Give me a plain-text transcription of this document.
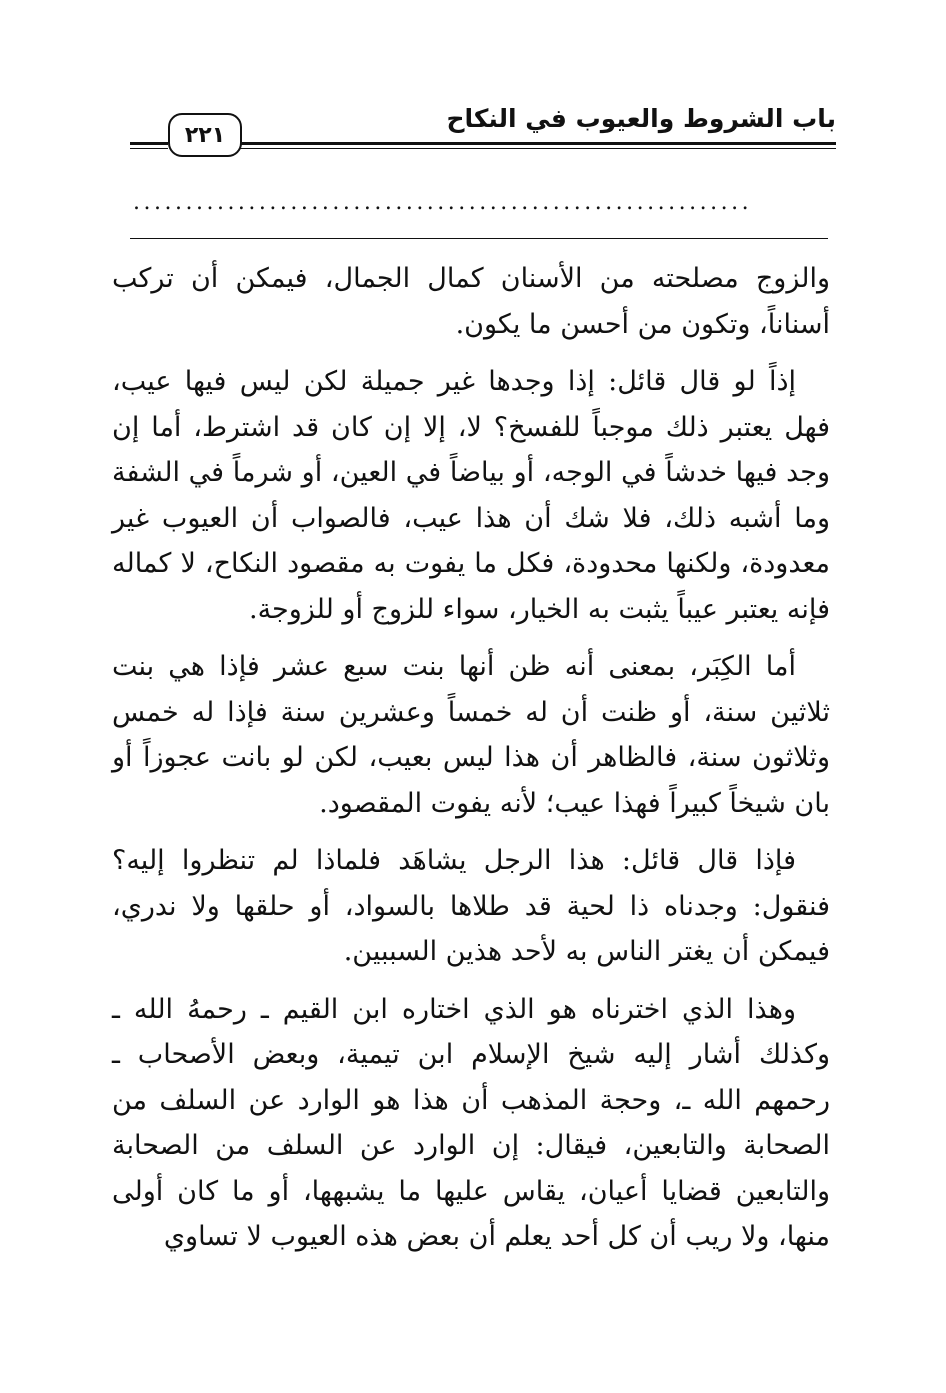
باب الشروط والعيوب في النكاح
٢٢١
...........................................................

والزوج مصلحته من الأسنان كمال الجمال، فيمكن أن تركب أسناناً، وتكون من أحسن ما يكون.

إذاً لو قال قائل: إذا وجدها غير جميلة لكن ليس فيها عيب، فهل يعتبر ذلك موجباً للفسخ؟ لا، إلا إن كان قد اشترط، أما إن وجد فيها خدشاً في الوجه، أو بياضاً في العين، أو شرماً في الشفة وما أشبه ذلك، فلا شك أن هذا عيب، فالصواب أن العيوب غير معدودة، ولكنها محدودة، فكل ما يفوت به مقصود النكاح، لا كماله فإنه يعتبر عيباً يثبت به الخيار، سواء للزوج أو للزوجة.

أما الكِبَر، بمعنى أنه ظن أنها بنت سبع عشر فإذا هي بنت ثلاثين سنة، أو ظنت أن له خمساً وعشرين سنة فإذا له خمس وثلاثون سنة، فالظاهر أن هذا ليس بعيب، لكن لو بانت عجوزاً أو بان شيخاً كبيراً فهذا عيب؛ لأنه يفوت المقصود.

فإذا قال قائل: هذا الرجل يشاهَد فلماذا لم تنظروا إليه؟ فنقول: وجدناه ذا لحية قد طلاها بالسواد، أو حلقها ولا ندري، فيمكن أن يغتر الناس به لأحد هذين السببين.

وهذا الذي اخترناه هو الذي اختاره ابن القيم ـ رحمهُ الله ـ وكذلك أشار إليه شيخ الإسلام ابن تيمية، وبعض الأصحاب ـ رحمهم الله ـ، وحجة المذهب أن هذا هو الوارد عن السلف من الصحابة والتابعين، فيقال: إن الوارد عن السلف من الصحابة والتابعين قضايا أعيان، يقاس عليها ما يشبهها، أو ما كان أولى منها، ولا ريب أن كل أحد يعلم أن بعض هذه العيوب لا تساوي
